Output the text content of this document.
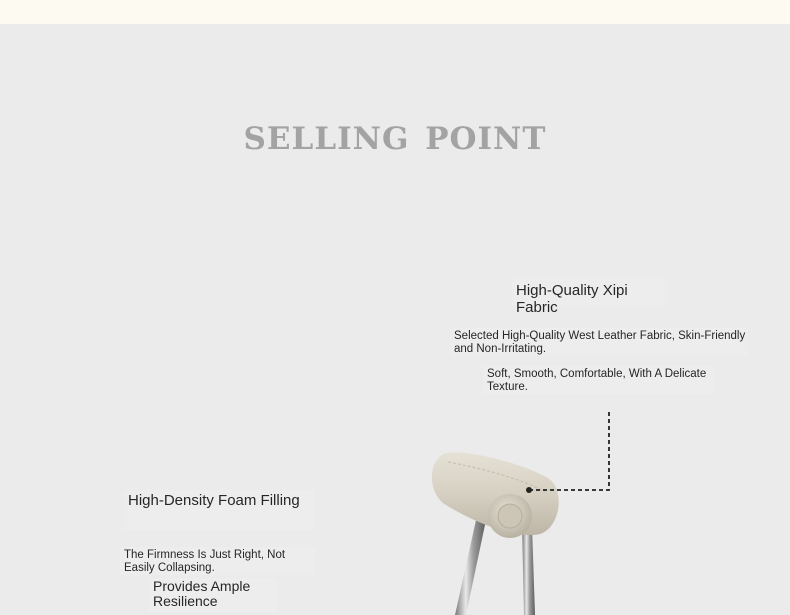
SELLING POINT
High-Quality Xipi Fabric
Selected High-Quality West Leather Fabric, Skin-Friendly and Non-Irritating.
Soft, Smooth, Comfortable, With A Delicate Texture.
High-Density Foam Filling
The Firmness Is Just Right, Not Easily Collapsing.
Provides Ample Resilience
